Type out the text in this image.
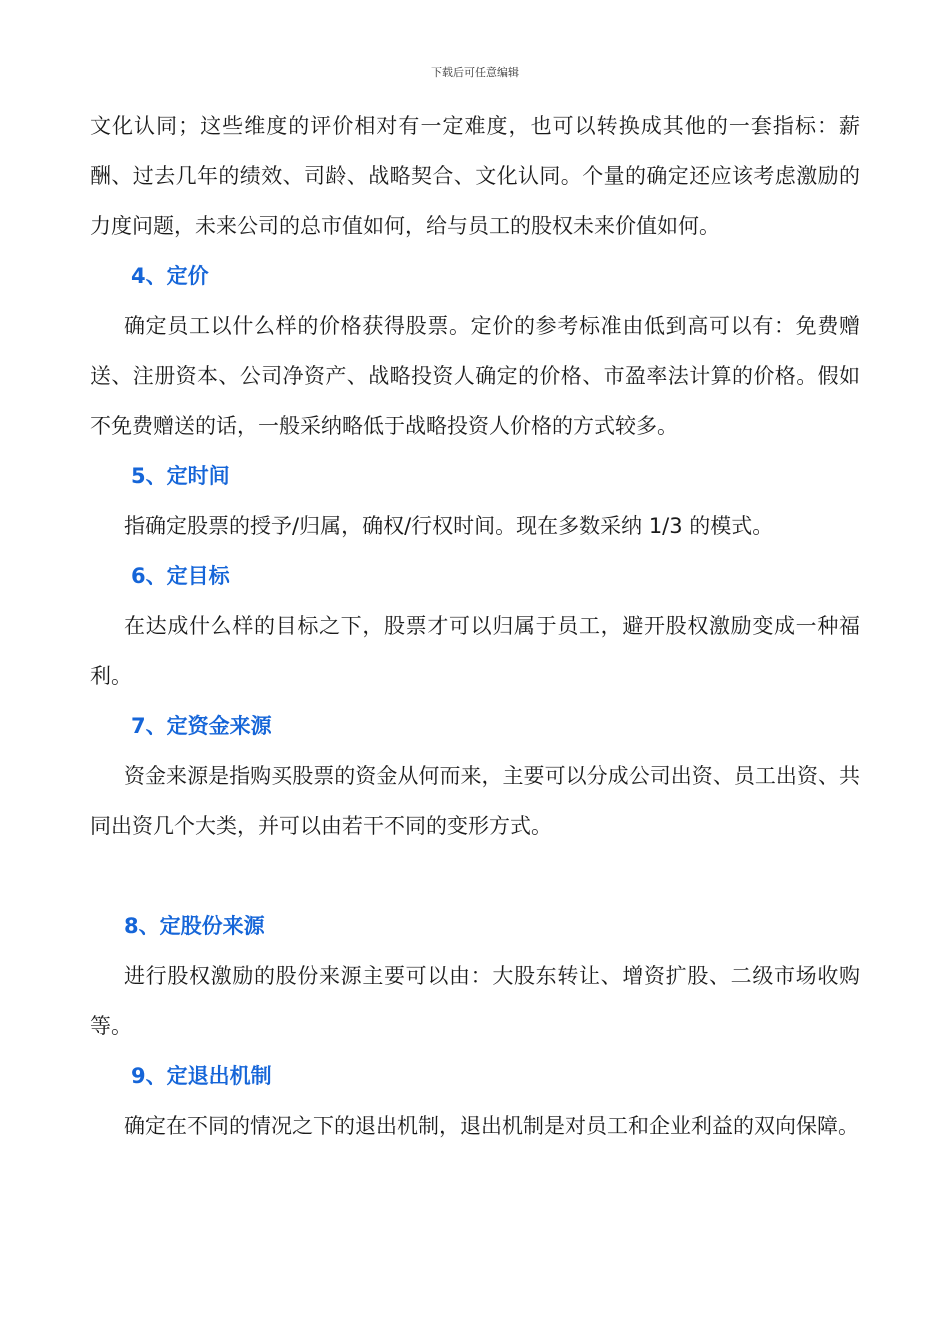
下载后可任意编辑

文化认同；这些维度的评价相对有一定难度，也可以转换成其他的一套指标：薪酬、过去几年的绩效、司龄、战略契合、文化认同。个量的确定还应该考虑激励的力度问题，未来公司的总市值如何，给与员工的股权未来价值如何。

4、定价

确定员工以什么样的价格获得股票。定价的参考标准由低到高可以有：免费赠送、注册资本、公司净资产、战略投资人确定的价格、市盈率法计算的价格。假如不免费赠送的话，一般采纳略低于战略投资人价格的方式较多。

5、定时间

指确定股票的授予/归属，确权/行权时间。现在多数采纳 1/3 的模式。

6、定目标

在达成什么样的目标之下，股票才可以归属于员工，避开股权激励变成一种福利。

7、定资金来源

资金来源是指购买股票的资金从何而来，主要可以分成公司出资、员工出资、共同出资几个大类，并可以由若干不同的变形方式。

8、定股份来源

进行股权激励的股份来源主要可以由：大股东转让、增资扩股、二级市场收购等。

9、定退出机制

确定在不同的情况之下的退出机制，退出机制是对员工和企业利益的双向保障。
